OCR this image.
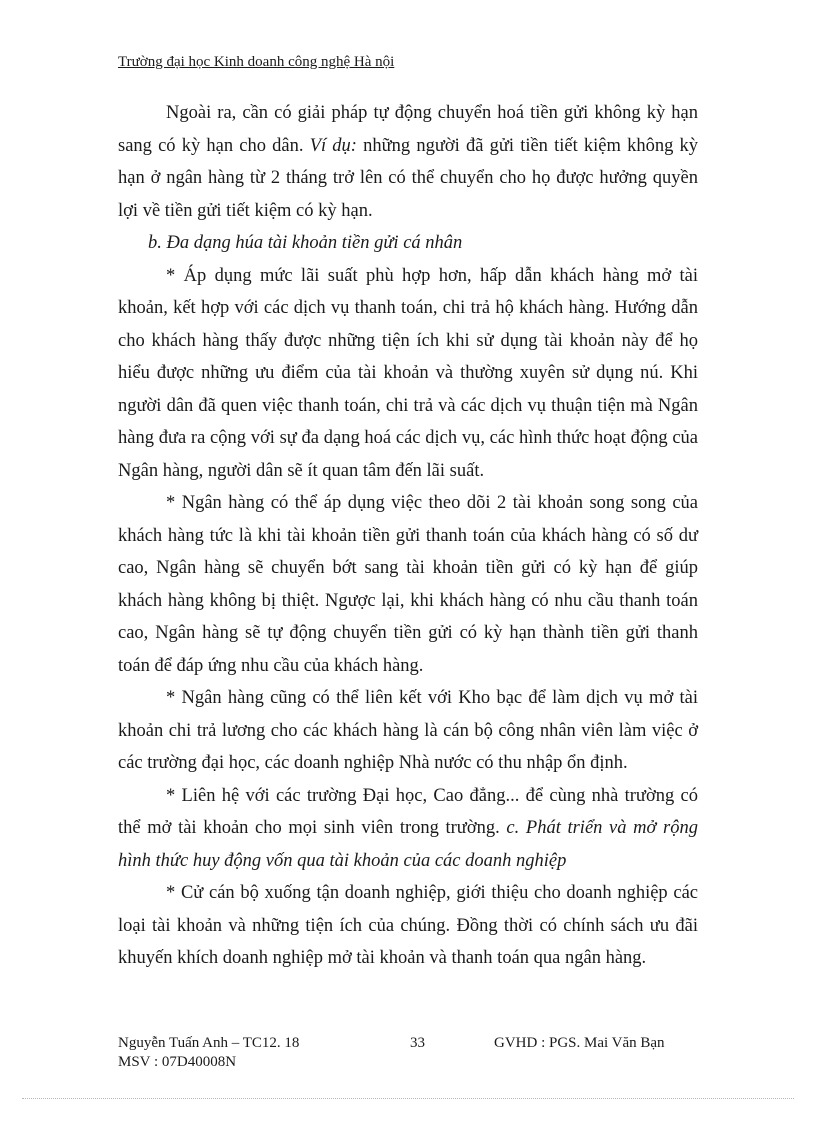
Trường đại học Kinh doanh công nghệ Hà nội

Ngoài ra, cần có giải pháp tự động chuyển hoá tiền gửi không kỳ hạn sang có kỳ hạn cho dân. Ví dụ: những người đã gửi tiền tiết kiệm không kỳ hạn ở ngân hàng từ 2 tháng trở lên có thể chuyển cho họ được hưởng quyền lợi về tiền gửi tiết kiệm có kỳ hạn.

b. Đa dạng húa tài khoản tiền gửi cá nhân

* Áp dụng mức lãi suất phù hợp hơn, hấp dẫn khách hàng mở tài khoản, kết hợp với các dịch vụ thanh toán, chi trả hộ khách hàng. Hướng dẫn cho khách hàng thấy được những tiện ích khi sử dụng tài khoản này để họ hiểu được những ưu điểm của tài khoản và thường xuyên sử dụng nú. Khi người dân đã quen việc thanh toán, chi trả và các dịch vụ thuận tiện mà Ngân hàng đưa ra cộng với sự đa dạng hoá các dịch vụ, các hình thức hoạt động của Ngân hàng, người dân sẽ ít quan tâm đến lãi suất.

* Ngân hàng có thể áp dụng việc theo dõi 2 tài khoản song song của khách hàng tức là khi tài khoản tiền gửi thanh toán của khách hàng có số dư cao, Ngân hàng sẽ chuyển bớt sang tài khoản tiền gửi có kỳ hạn để giúp khách hàng không bị thiệt. Ngược lại, khi khách hàng có nhu cầu thanh toán cao, Ngân hàng sẽ tự động chuyển tiền gửi có kỳ hạn thành tiền gửi thanh toán để đáp ứng nhu cầu của khách hàng.

* Ngân hàng cũng có thể liên kết với Kho bạc để làm dịch vụ mở tài khoản chi trả lương cho các khách hàng là cán bộ công nhân viên làm việc ở các trường đại học, các doanh nghiệp Nhà nước có thu nhập ổn định.

* Liên hệ với các trường Đại học, Cao đẳng... để cùng nhà trường có thể mở tài khoản cho mọi sinh viên trong trường. c. Phát triển và mở rộng hình thức huy động vốn qua tài khoản của các doanh nghiệp

* Cử cán bộ xuống tận doanh nghiệp, giới thiệu cho doanh nghiệp các loại tài khoản và những tiện ích của chúng. Đồng thời có chính sách ưu đãi khuyến khích doanh nghiệp mở tài khoản và thanh toán qua ngân hàng.

Nguyễn Tuấn Anh – TC12. 18	33	GVHD : PGS. Mai Văn Bạn
MSV : 07D40008N
